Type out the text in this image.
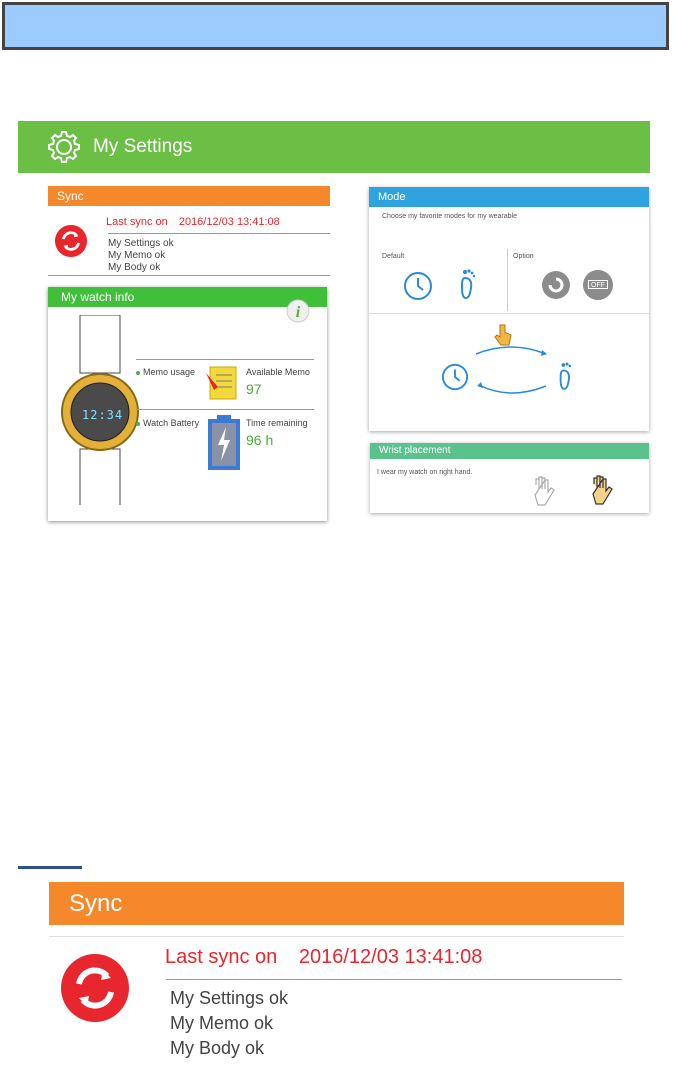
My Settings
Sync
Last sync on 2016/12/03 13:41:08
My Settings ok
My Memo ok
My Body ok
My watch info
i
12:34
Memo usage	Available Memo
97
Watch Battery	Time remaining
96 h
Mode
Choose my favorite modes for my wearable
Default	Option
OFF
Wrist placement
I wear my watch on right hand.
Sync
Last sync on 2016/12/03 13:41:08
My Settings ok
My Memo ok
My Body ok
